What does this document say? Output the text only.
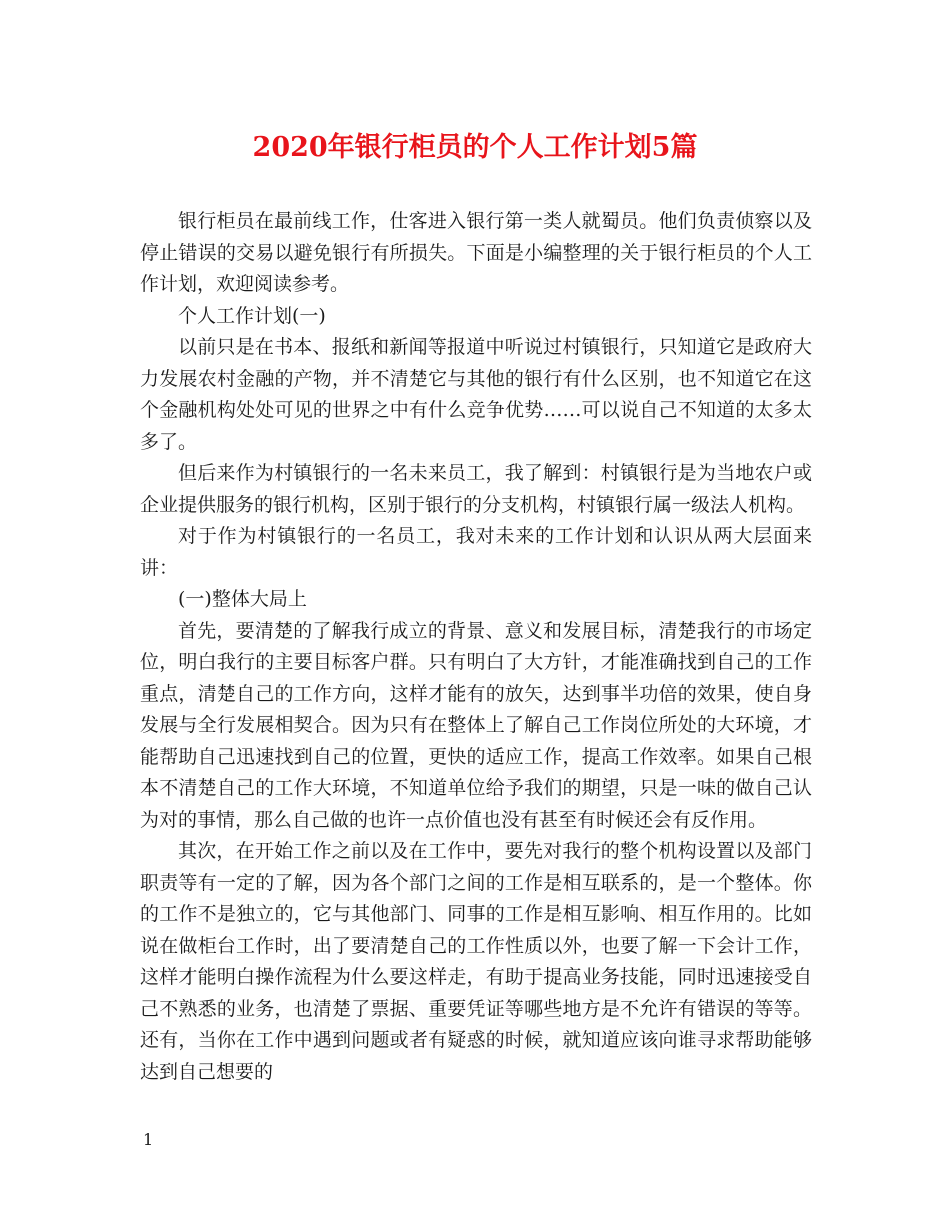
2020年银行柜员的个人工作计划5篇

银行柜员在最前线工作，仕客进入银行第一类人就蜀员。他们负责侦察以及停止错误的交易以避免银行有所损失。下面是小编整理的关于银行柜员的个人工作计划，欢迎阅读参考。

个人工作计划(一)

以前只是在书本、报纸和新闻等报道中听说过村镇银行，只知道它是政府大力发展农村金融的产物，并不清楚它与其他的银行有什么区别，也不知道它在这个金融机构处处可见的世界之中有什么竞争优势……可以说自己不知道的太多太多了。

但后来作为村镇银行的一名未来员工，我了解到：村镇银行是为当地农户或企业提供服务的银行机构，区别于银行的分支机构，村镇银行属一级法人机构。

对于作为村镇银行的一名员工，我对未来的工作计划和认识从两大层面来讲：

(一)整体大局上

首先，要清楚的了解我行成立的背景、意义和发展目标，清楚我行的市场定位，明白我行的主要目标客户群。只有明白了大方针，才能准确找到自己的工作重点，清楚自己的工作方向，这样才能有的放矢，达到事半功倍的效果，使自身发展与全行发展相契合。因为只有在整体上了解自己工作岗位所处的大环境，才能帮助自己迅速找到自己的位置，更快的适应工作，提高工作效率。如果自己根本不清楚自己的工作大环境，不知道单位给予我们的期望，只是一味的做自己认为对的事情，那么自己做的也许一点价值也没有甚至有时候还会有反作用。

其次，在开始工作之前以及在工作中，要先对我行的整个机构设置以及部门职责等有一定的了解，因为各个部门之间的工作是相互联系的，是一个整体。你的工作不是独立的，它与其他部门、同事的工作是相互影响、相互作用的。比如说在做柜台工作时，出了要清楚自己的工作性质以外，也要了解一下会计工作，这样才能明白操作流程为什么要这样走，有助于提高业务技能，同时迅速接受自己不熟悉的业务，也清楚了票据、重要凭证等哪些地方是不允许有错误的等等。还有，当你在工作中遇到问题或者有疑惑的时候，就知道应该向谁寻求帮助能够达到自己想要的

1
